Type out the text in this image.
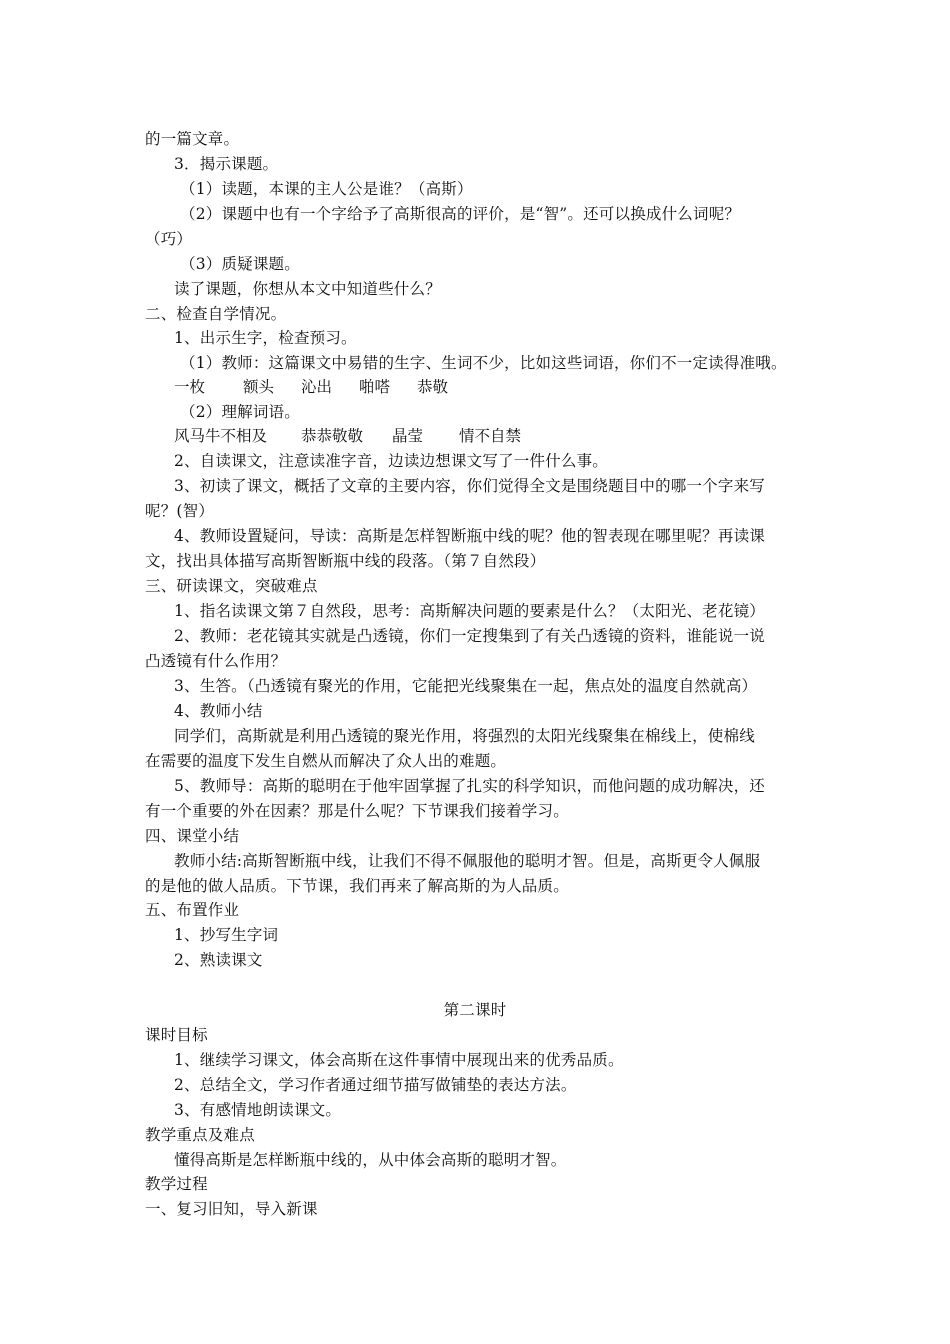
的一篇文章。
3．揭示课题。
（1）读题，本课的主人公是谁？（高斯）
（2）课题中也有一个字给予了高斯很高的评价，是“智”。还可以换成什么词呢？
（巧）
（3）质疑课题。
读了课题，你想从本文中知道些什么？
二、检查自学情况。
1、出示生字，检查预习。
（1）教师：这篇课文中易错的生字、生词不少，比如这些词语，你们不一定读得准哦。
一枚 额头 沁出 啪嗒 恭敬
（2）理解词语。
风马牛不相及 恭恭敬敬 晶莹 情不自禁
2、自读课文，注意读准字音，边读边想课文写了一件什么事。
3、初读了课文，概括了文章的主要内容，你们觉得全文是围绕题目中的哪一个字来写
呢？(智）
4、教师设置疑问，导读：高斯是怎样智断瓶中线的呢？他的智表现在哪里呢？再读课
文，找出具体描写高斯智断瓶中线的段落。（第７自然段）
三、研读课文，突破难点
1、指名读课文第７自然段，思考：高斯解决问题的要素是什么？（太阳光、老花镜）
2、教师：老花镜其实就是凸透镜，你们一定搜集到了有关凸透镜的资料，谁能说一说
凸透镜有什么作用？
3、生答。（凸透镜有聚光的作用，它能把光线聚集在一起，焦点处的温度自然就高）
4、教师小结
同学们，高斯就是利用凸透镜的聚光作用，将强烈的太阳光线聚集在棉线上，使棉线
在需要的温度下发生自燃从而解决了众人出的难题。
5、教师导：高斯的聪明在于他牢固掌握了扎实的科学知识，而他问题的成功解决，还
有一个重要的外在因素？那是什么呢？下节课我们接着学习。
四、课堂小结
教师小结:高斯智断瓶中线，让我们不得不佩服他的聪明才智。但是，高斯更令人佩服
的是他的做人品质。下节课，我们再来了解高斯的为人品质。
五、布置作业
1、抄写生字词
2、熟读课文
第二课时
课时目标
1、继续学习课文，体会高斯在这件事情中展现出来的优秀品质。
2、总结全文，学习作者通过细节描写做铺垫的表达方法。
3、有感情地朗读课文。
教学重点及难点
懂得高斯是怎样断瓶中线的，从中体会高斯的聪明才智。
教学过程
一、复习旧知，导入新课
